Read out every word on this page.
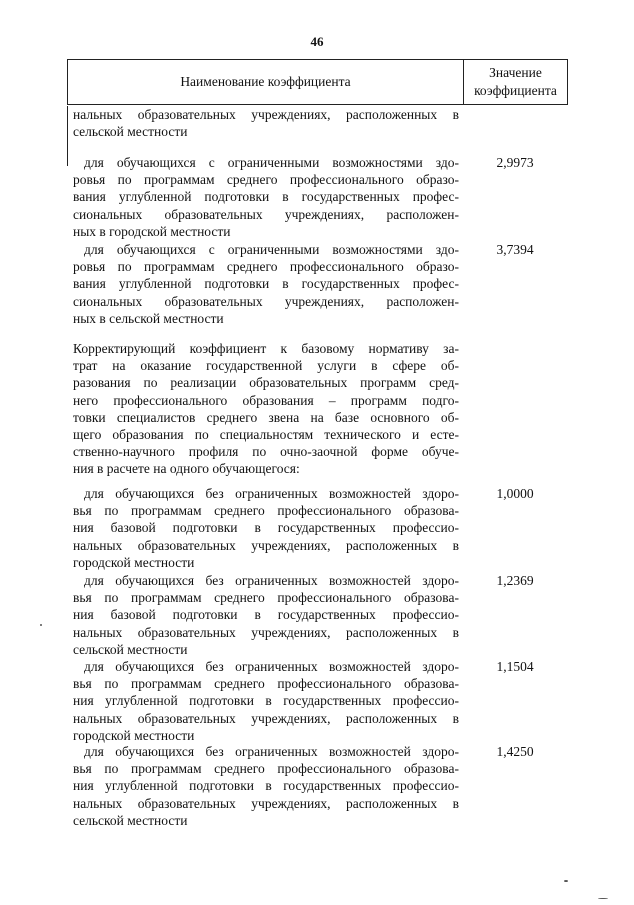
46
Наименование коэффициента
Значение
коэффициента
нальных образовательных учреждениях, расположенных в
сельской местности
для обучающихся с ограниченными возможностями здо-
ровья по программам среднего профессионального образо-
вания углубленной подготовки в государственных профес-
сиональных образовательных учреждениях, расположен-
ных в городской местности
2,9973
для обучающихся с ограниченными возможностями здо-
ровья по программам среднего профессионального образо-
вания углубленной подготовки в государственных профес-
сиональных образовательных учреждениях, расположен-
ных в сельской местности
3,7394
Корректирующий коэффициент к базовому нормативу за-
трат на оказание государственной услуги в сфере об-
разования по реализации образовательных программ сред-
него профессионального образования – программ подго-
товки специалистов среднего звена на базе основного об-
щего образования по специальностям технического и есте-
ственно-научного профиля по очно-заочной форме обуче-
ния в расчете на одного обучающегося:
для обучающихся без ограниченных возможностей здоро-
вья по программам среднего профессионального образова-
ния базовой подготовки в государственных профессио-
нальных образовательных учреждениях, расположенных в
городской местности
1,0000
для обучающихся без ограниченных возможностей здоро-
вья по программам среднего профессионального образова-
ния базовой подготовки в государственных профессио-
нальных образовательных учреждениях, расположенных в
сельской местности
1,2369
для обучающихся без ограниченных возможностей здоро-
вья по программам среднего профессионального образова-
ния углубленной подготовки в государственных профессио-
нальных образовательных учреждениях, расположенных в
городской местности
1,1504
для обучающихся без ограниченных возможностей здоро-
вья по программам среднего профессионального образова-
ния углубленной подготовки в государственных профессио-
нальных образовательных учреждениях, расположенных в
сельской местности
1,4250
